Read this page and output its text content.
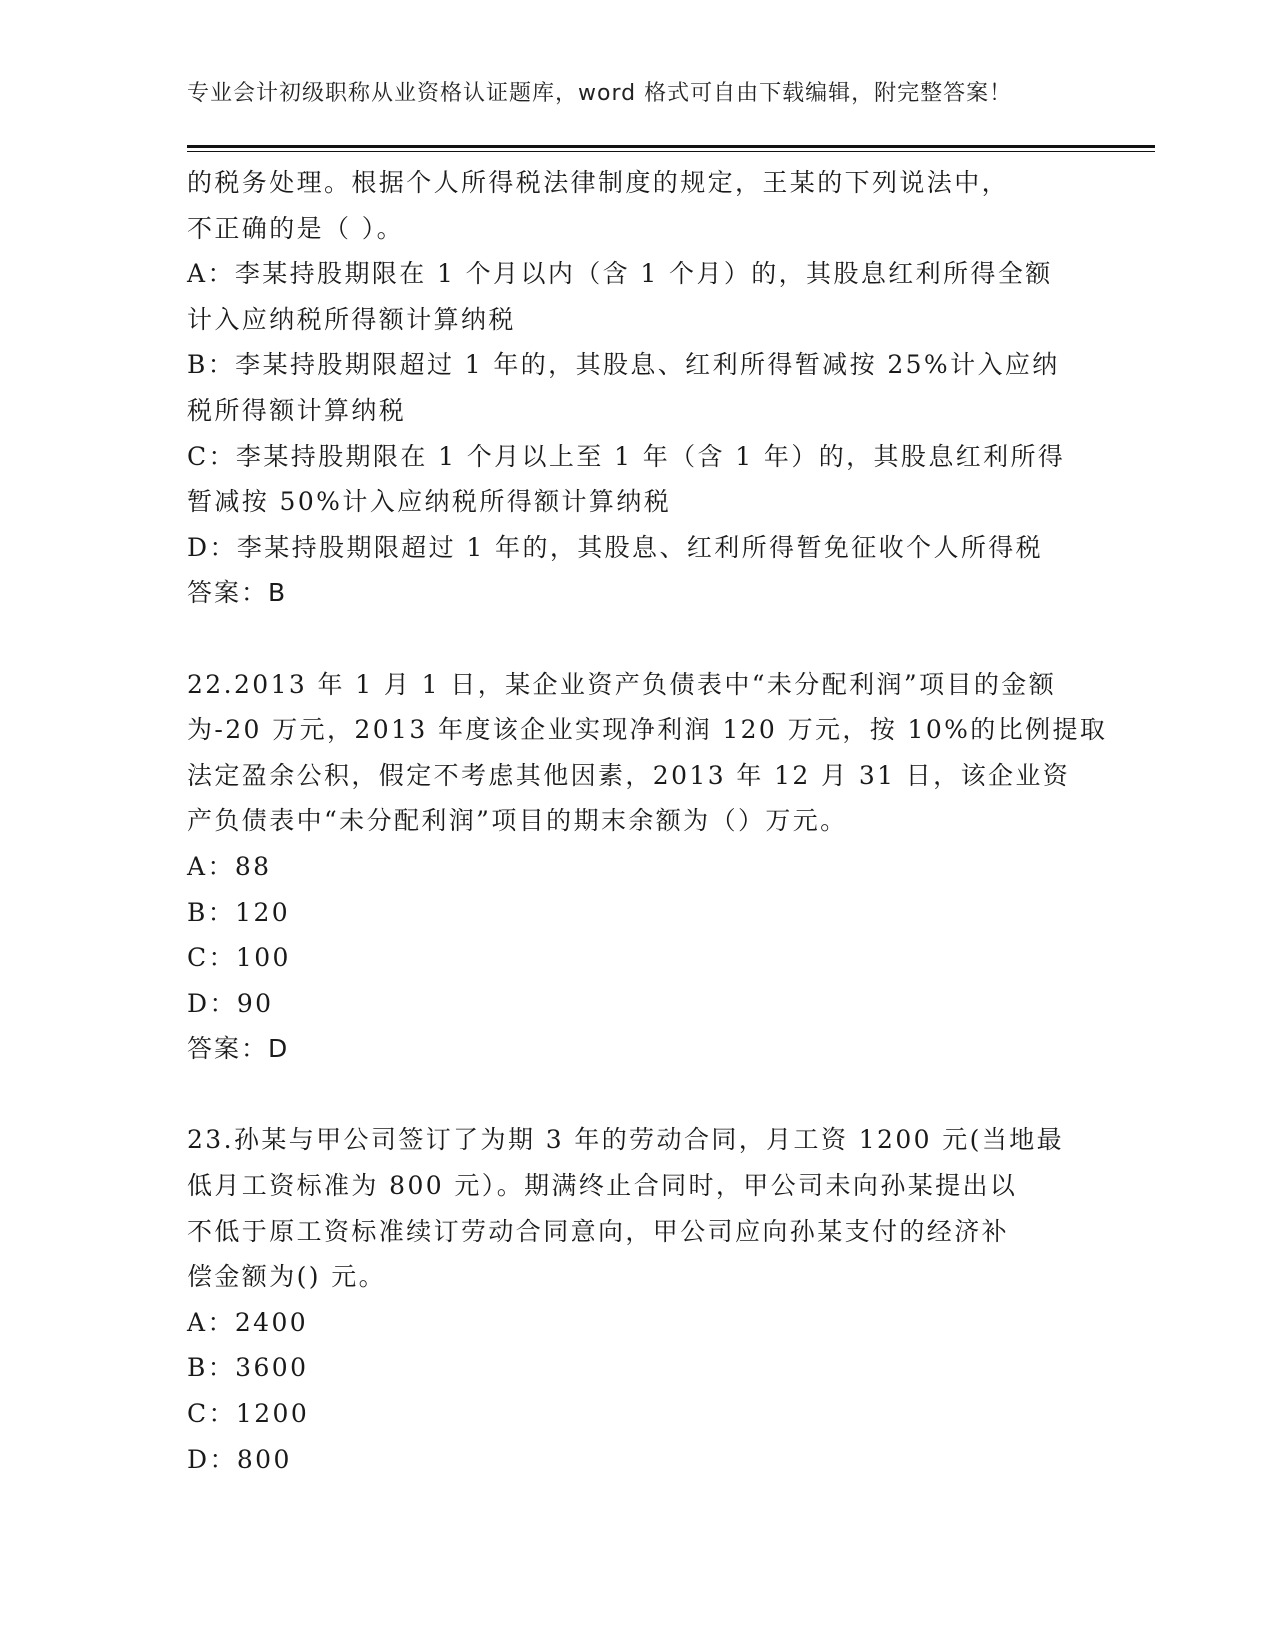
专业会计初级职称从业资格认证题库，word 格式可自由下载编辑，附完整答案！
的税务处理。根据个人所得税法律制度的规定，王某的下列说法中，
不正确的是（ ）。
A：李某持股期限在 1 个月以内（含 1 个月）的，其股息红利所得全额
计入应纳税所得额计算纳税
B：李某持股期限超过 1 年的，其股息、红利所得暂减按 25%计入应纳
税所得额计算纳税
C：李某持股期限在 1 个月以上至 1 年（含 1 年）的，其股息红利所得
暂减按 50%计入应纳税所得额计算纳税
D：李某持股期限超过 1 年的，其股息、红利所得暂免征收个人所得税
答案：B
22.2013 年 1 月 1 日，某企业资产负债表中“未分配利润”项目的金额
为-20 万元，2013 年度该企业实现净利润 120 万元，按 10%的比例提取
法定盈余公积，假定不考虑其他因素，2013 年 12 月 31 日，该企业资
产负债表中“未分配利润”项目的期末余额为（）万元。
A：88
B：120
C：100
D：90
答案：D
23.孙某与甲公司签订了为期 3 年的劳动合同，月工资 1200 元(当地最
低月工资标准为 800 元）。期满终止合同时，甲公司未向孙某提出以
不低于原工资标准续订劳动合同意向，甲公司应向孙某支付的经济补
偿金额为() 元。
A：2400
B：3600
C：1200
D：800
